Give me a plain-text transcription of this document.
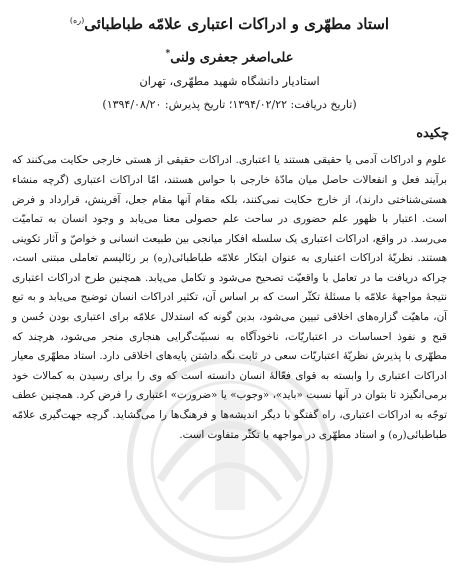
استاد مطهّری و ادراکات اعتباری علامّه طباطبائی$^{(ره)}$
علی‌اصغر جعفری ولنی*
استادیار دانشگاه شهید مطهّری، تهران
(تاریخ دریافت: ۱۳۹۴/۰۲/۲۲؛ تاریخ پذیرش: ۱۳۹۴/۰۸/۲۰)
چکیده

علوم و ادراکات آدمی یا حقیقی هستند یا اعتباری. ادراکات حقیقی از هستی خارجی حکایت می‌کنند که برآیند فعل و انفعالات حاصل میان مادّهٔ خارجی با حواس هستند، امّا ادراکات اعتباری (گرچه منشاء هستی‌شناختی دارند)، از خارج حکایت نمی‌کنند، بلکه مقام آنها مقام جعل، آفرینش، قرارداد و فرض است. اعتبار با ظهور علم حضوری در ساحت علم حصولی معنا می‌یابد و وجود انسان به تمامیّت می‌رسد. در واقع، ادراکات اعتباری یک سلسله افکار میانجی بین طبیعت انسانی و خواصّ و آثار تکوینی هستند. نظریّهٔ ادراکات اعتباری به عنوان ابتکار علامّه طباطبائی(ره) بر رئالیسم تعاملی مبتنی است، چراکه دریافت ما در تعامل با واقعیّت تصحیح می‌شود و تکامل می‌یابد. همچنین طرح ادراکات اعتباری نتیجهٔ مواجههٔ علامّه با مسئلهٔ تکثّر است که بر اساس آن، تکثیر ادراکات انسان توضیح می‌یابد و به تبع آن، ماهیّت گزاره‌های اخلاقی تبیین می‌شود، بدین گونه که استدلال علامّه برای اعتباری بودن حُسن و قبح و نفوذ احساسات در اعتباریّات، ناخودآگاه به نسبیّت‌گرایی هنجاری منجر می‌شود، هرچند که مطهّری با پذیرش نظریّهٔ اعتباریّات سعی در ثابت نگه داشتن پایه‌های اخلاقی دارد. استاد مطهّری معیار ادراکات اعتباری را وابسته به قوای فعّالهٔ انسان دانسته است که وی را برای رسیدن به کمالات خود برمی‌انگیزد تا بتوان در آنها نسبت «باید»، «وجوب» یا «ضرورت» اعتباری را فرض کرد. همچنین عطف توجّه به ادراکات اعتباری، راه گفتگو با دیگر اندیشه‌ها و فرهنگ‌ها را می‌گشاید. گرچه جهت‌گیری علامّه طباطبائی(ره) و استاد مطهّری در مواجهه با تکثّر متفاوت است.
